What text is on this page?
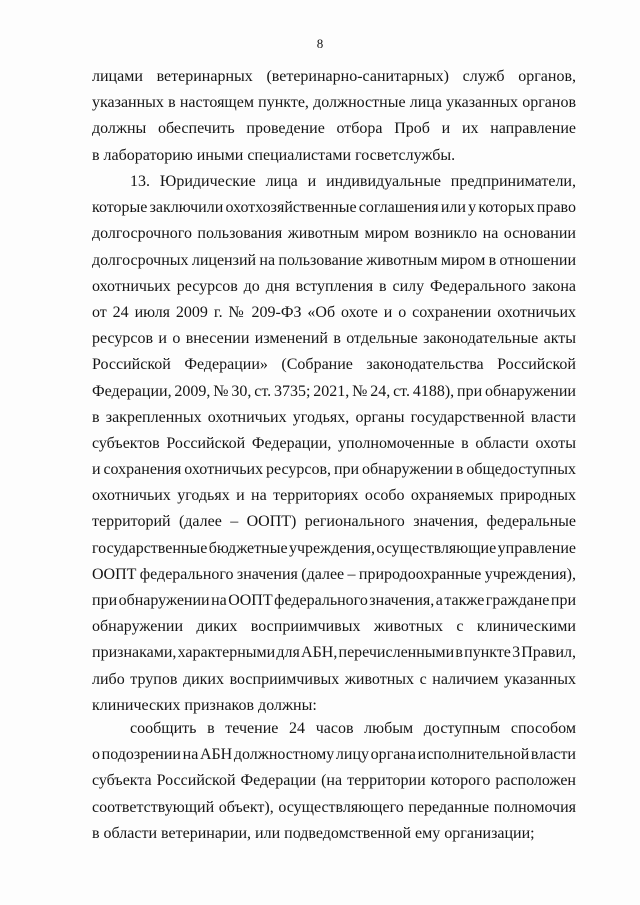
8
лицами ветеринарных (ветеринарно-санитарных) служб органов,
указанных в настоящем пункте, должностные лица указанных органов
должны обеспечить проведение отбора Проб и их направление
в лабораторию иными специалистами госветслужбы.
13. Юридические лица и индивидуальные предприниматели,
которые заключили охотхозяйственные соглашения или у которых право
долгосрочного пользования животным миром возникло на основании
долгосрочных лицензий на пользование животным миром в отношении
охотничьих ресурсов до дня вступления в силу Федерального закона
от 24 июля 2009 г. № 209-ФЗ «Об охоте и о сохранении охотничьих
ресурсов и о внесении изменений в отдельные законодательные акты
Российской Федерации» (Собрание законодательства Российской
Федерации, 2009, № 30, ст. 3735; 2021, № 24, ст. 4188), при обнаружении
в закрепленных охотничьих угодьях, органы государственной власти
субъектов Российской Федерации, уполномоченные в области охоты
и сохранения охотничьих ресурсов, при обнаружении в общедоступных
охотничьих угодьях и на территориях особо охраняемых природных
территорий (далее – ООПТ) регионального значения, федеральные
государственные бюджетные учреждения, осуществляющие управление
ООПТ федерального значения (далее – природоохранные учреждения),
при обнаружении на ООПТ федерального значения, а также граждане при
обнаружении диких восприимчивых животных с клиническими
признаками, характерными для АБН, перечисленными в пункте 3 Правил,
либо трупов диких восприимчивых животных с наличием указанных
клинических признаков должны:
сообщить в течение 24 часов любым доступным способом
о подозрении на АБН должностному лицу органа исполнительной власти
субъекта Российской Федерации (на территории которого расположен
соответствующий объект), осуществляющего переданные полномочия
в области ветеринарии, или подведомственной ему организации;
